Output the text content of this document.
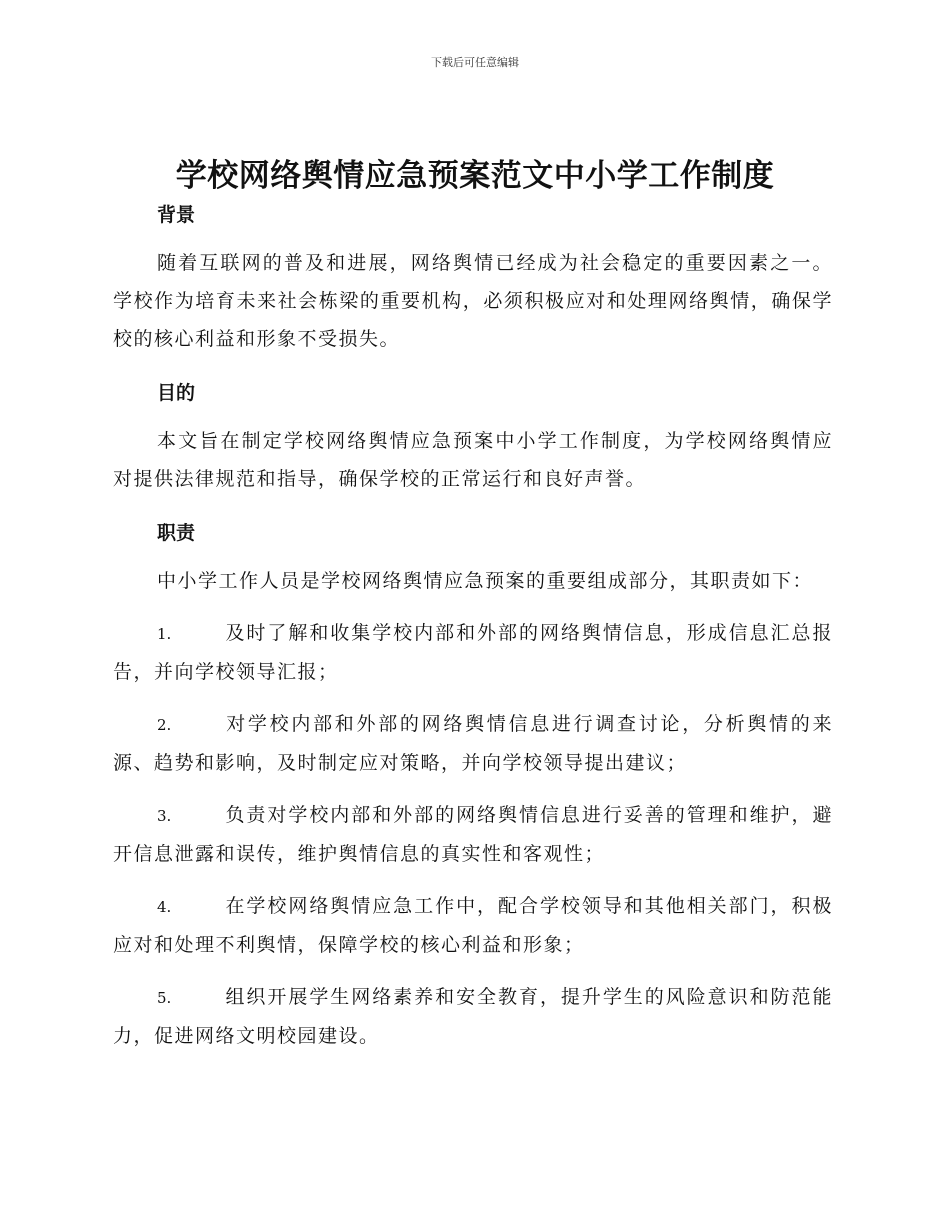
下载后可任意编辑
学校网络舆情应急预案范文中小学工作制度
背景

随着互联网的普及和进展，网络舆情已经成为社会稳定的重要因素之一。学校作为培育未来社会栋梁的重要机构，必须积极应对和处理网络舆情，确保学校的核心利益和形象不受损失。

目的

本文旨在制定学校网络舆情应急预案中小学工作制度，为学校网络舆情应对提供法律规范和指导，确保学校的正常运行和良好声誉。

职责

中小学工作人员是学校网络舆情应急预案的重要组成部分，其职责如下：

1.	及时了解和收集学校内部和外部的网络舆情信息，形成信息汇总报告，并向学校领导汇报；

2.	对学校内部和外部的网络舆情信息进行调查讨论，分析舆情的来源、趋势和影响，及时制定应对策略，并向学校领导提出建议；

3.	负责对学校内部和外部的网络舆情信息进行妥善的管理和维护，避开信息泄露和误传，维护舆情信息的真实性和客观性；

4.	在学校网络舆情应急工作中，配合学校领导和其他相关部门，积极应对和处理不利舆情，保障学校的核心利益和形象；

5.	组织开展学生网络素养和安全教育，提升学生的风险意识和防范能力，促进网络文明校园建设。
